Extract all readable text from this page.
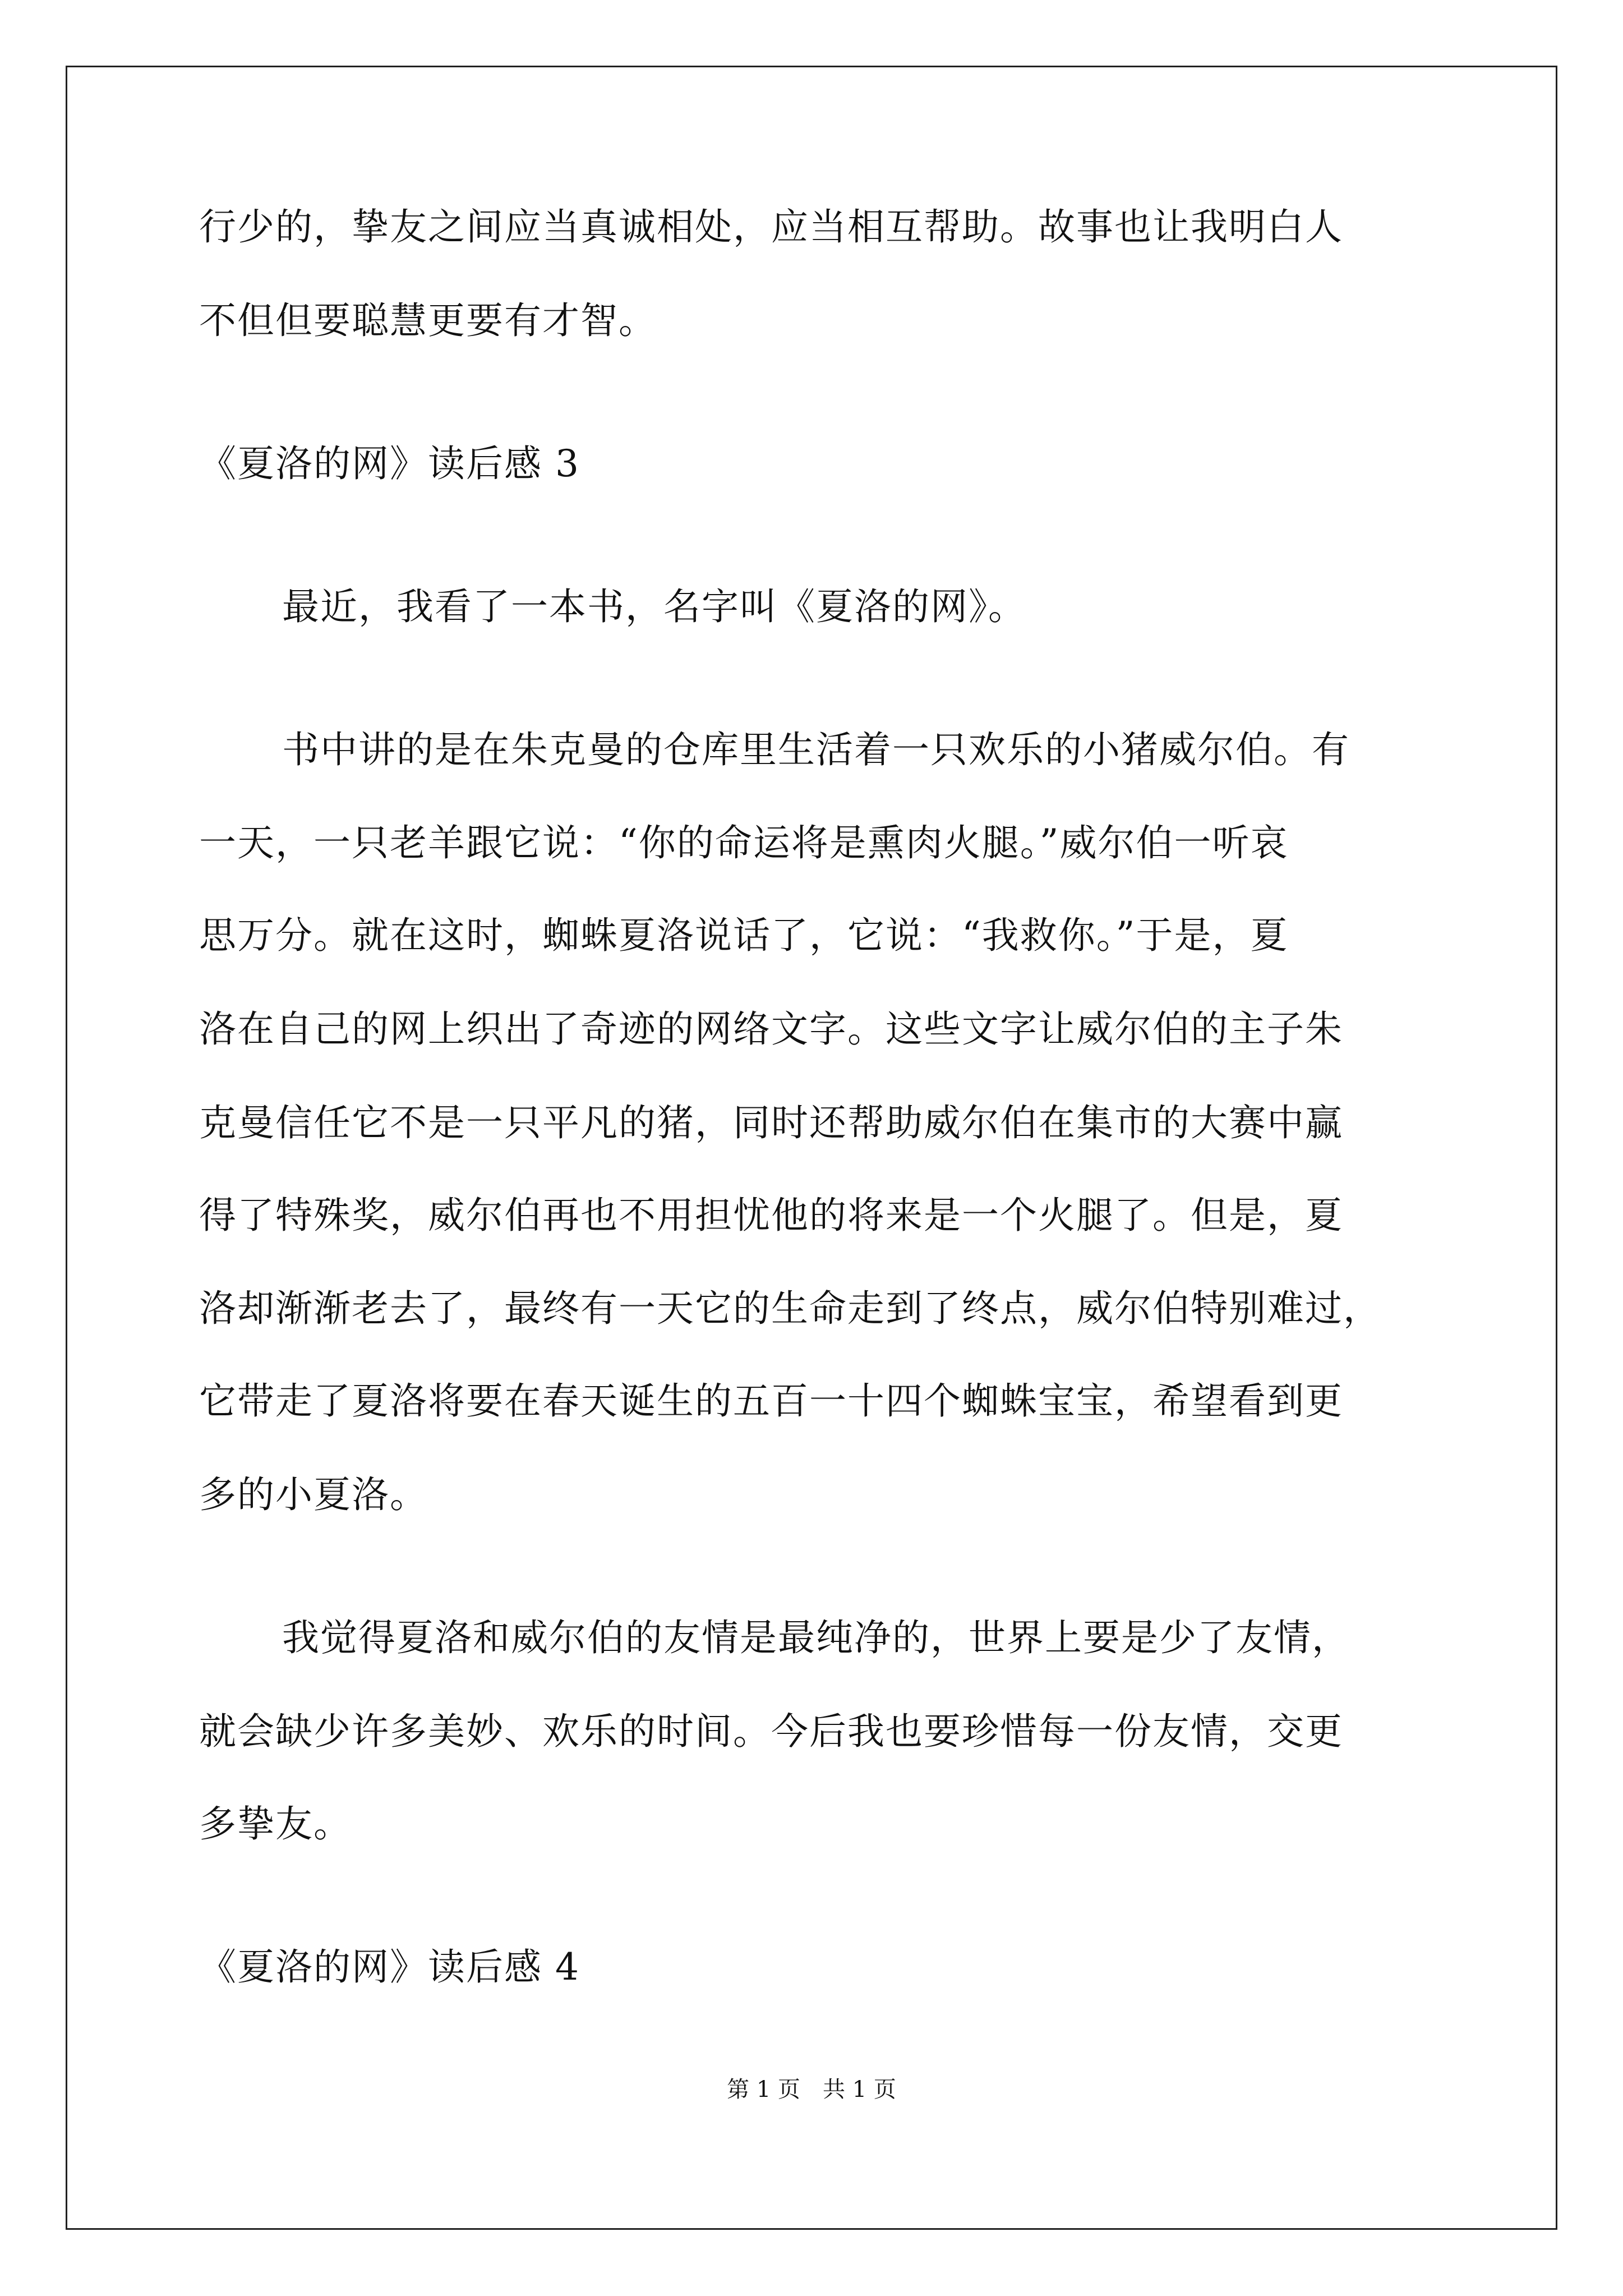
行少的，挚友之间应当真诚相处，应当相互帮助。故事也让我明白人
不但但要聪慧更要有才智。
《夏洛的网》读后感 3
最近，我看了一本书，名字叫《夏洛的网》。
书中讲的是在朱克曼的仓库里生活着一只欢乐的小猪威尔伯。有
一天，一只老羊跟它说：“你的命运将是熏肉火腿。”威尔伯一听哀
思万分。就在这时，蜘蛛夏洛说话了，它说：“我救你。”于是，夏
洛在自己的网上织出了奇迹的网络文字。这些文字让威尔伯的主子朱
克曼信任它不是一只平凡的猪，同时还帮助威尔伯在集市的大赛中赢
得了特殊奖，威尔伯再也不用担忧他的将来是一个火腿了。但是，夏
洛却渐渐老去了，最终有一天它的生命走到了终点，威尔伯特别难过，
它带走了夏洛将要在春天诞生的五百一十四个蜘蛛宝宝，希望看到更
多的小夏洛。
我觉得夏洛和威尔伯的友情是最纯净的，世界上要是少了友情，
就会缺少许多美妙、欢乐的时间。今后我也要珍惜每一份友情，交更
多挚友。
《夏洛的网》读后感 4
第 1 页　共 1 页
